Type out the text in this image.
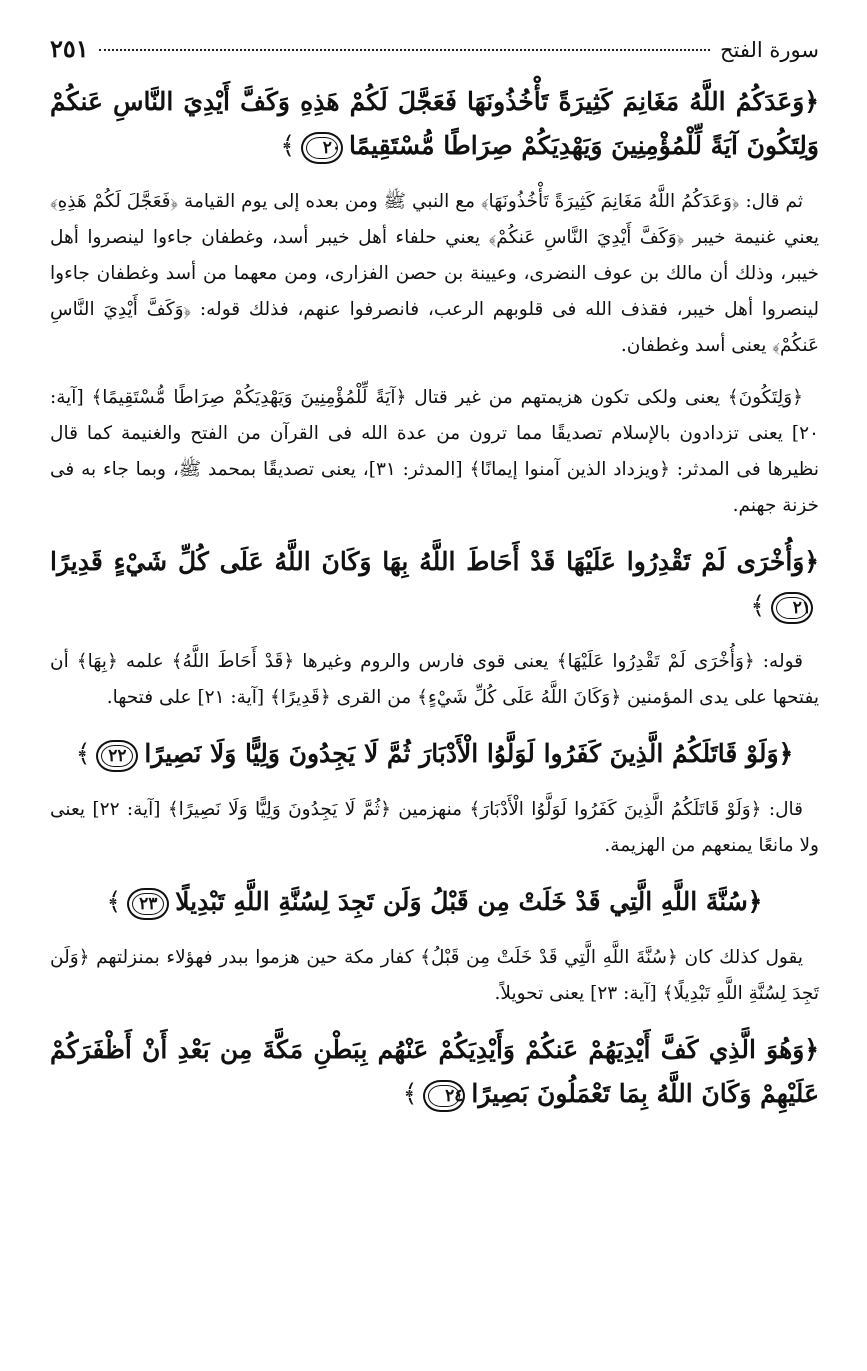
سورة الفتح
٢٥١

﴿وَعَدَكُمُ اللَّهُ مَغَانِمَ كَثِيرَةً تَأْخُذُونَهَا فَعَجَّلَ لَكُمْ هَذِهِ وَكَفَّ أَيْدِيَ النَّاسِ عَنكُمْ وَلِتَكُونَ آيَةً لِّلْمُؤْمِنِينَ وَيَهْدِيَكُمْ صِرَاطًا مُّسْتَقِيمًا٢٠﴾

ثم قال: ﴿وَعَدَكُمُ اللَّهُ مَغَانِمَ كَثِيرَةً تَأْخُذُونَهَا﴾ مع النبي ﷺ ومن بعده إلى يوم القيامة ﴿فَعَجَّلَ لَكُمْ هَذِهِ﴾ يعني غنيمة خيبر ﴿وَكَفَّ أَيْدِيَ النَّاسِ عَنكُمْ﴾ يعني حلفاء أهل خيبر أسد، وغطفان جاءوا لينصروا أهل خيبر، وذلك أن مالك بن عوف النضرى، وعيينة بن حصن الفزارى، ومن معهما من أسد وغطفان جاءوا لينصروا أهل خيبر، فقذف الله فى قلوبهم الرعب، فانصرفوا عنهم، فذلك قوله: ﴿وَكَفَّ أَيْدِيَ النَّاسِ عَنكُمْ﴾ يعنى أسد وغطفان.

﴿وَلِتَكُونَ﴾ يعنى ولكى تكون هزيمتهم من غير قتال ﴿آيَةً لِّلْمُؤْمِنِينَ وَيَهْدِيَكُمْ صِرَاطًا مُّسْتَقِيمًا﴾ [آية: ٢٠] يعنى تزدادون بالإسلام تصديقًا مما ترون من عدة الله فى القرآن من الفتح والغنيمة كما قال نظيرها فى المدثر: ﴿ويزداد الذين آمنوا إيمانًا﴾ [المدثر: ٣١]، يعنى تصديقًا بمحمد ﷺ، وبما جاء به فى خزنة جهنم.

﴿وَأُخْرَى لَمْ تَقْدِرُوا عَلَيْهَا قَدْ أَحَاطَ اللَّهُ بِهَا وَكَانَ اللَّهُ عَلَى كُلِّ شَيْءٍ قَدِيرًا٢١﴾

قوله: ﴿وَأُخْرَى لَمْ تَقْدِرُوا عَلَيْهَا﴾ يعنى قوى فارس والروم وغيرها ﴿قَدْ أَحَاطَ اللَّهُ﴾ علمه ﴿بِهَا﴾ أن يفتحها على يدى المؤمنين ﴿وَكَانَ اللَّهُ عَلَى كُلِّ شَيْءٍ﴾ من القرى ﴿قَدِيرًا﴾ [آية: ٢١] على فتحها.

﴿وَلَوْ قَاتَلَكُمُ الَّذِينَ كَفَرُوا لَوَلَّوُا الْأَدْبَارَ ثُمَّ لَا يَجِدُونَ وَلِيًّا وَلَا نَصِيرًا٢٢﴾

قال: ﴿وَلَوْ قَاتَلَكُمُ الَّذِينَ كَفَرُوا لَوَلَّوُا الْأَدْبَارَ﴾ منهزمين ﴿ثُمَّ لَا يَجِدُونَ وَلِيًّا وَلَا نَصِيرًا﴾ [آية: ٢٢] يعنى ولا مانعًا يمنعهم من الهزيمة.

﴿سُنَّةَ اللَّهِ الَّتِي قَدْ خَلَتْ مِن قَبْلُ وَلَن تَجِدَ لِسُنَّةِ اللَّهِ تَبْدِيلًا٢٣﴾

يقول كذلك كان ﴿سُنَّةَ اللَّهِ الَّتِي قَدْ خَلَتْ مِن قَبْلُ﴾ كفار مكة حين هزموا ببدر فهؤلاء بمنزلتهم ﴿وَلَن تَجِدَ لِسُنَّةِ اللَّهِ تَبْدِيلًا﴾ [آية: ٢٣] يعنى تحويلاً.

﴿وَهُوَ الَّذِي كَفَّ أَيْدِيَهُمْ عَنكُمْ وَأَيْدِيَكُمْ عَنْهُم بِبَطْنِ مَكَّةَ مِن بَعْدِ أَنْ أَظْفَرَكُمْ عَلَيْهِمْ وَكَانَ اللَّهُ بِمَا تَعْمَلُونَ بَصِيرًا٢٤﴾
